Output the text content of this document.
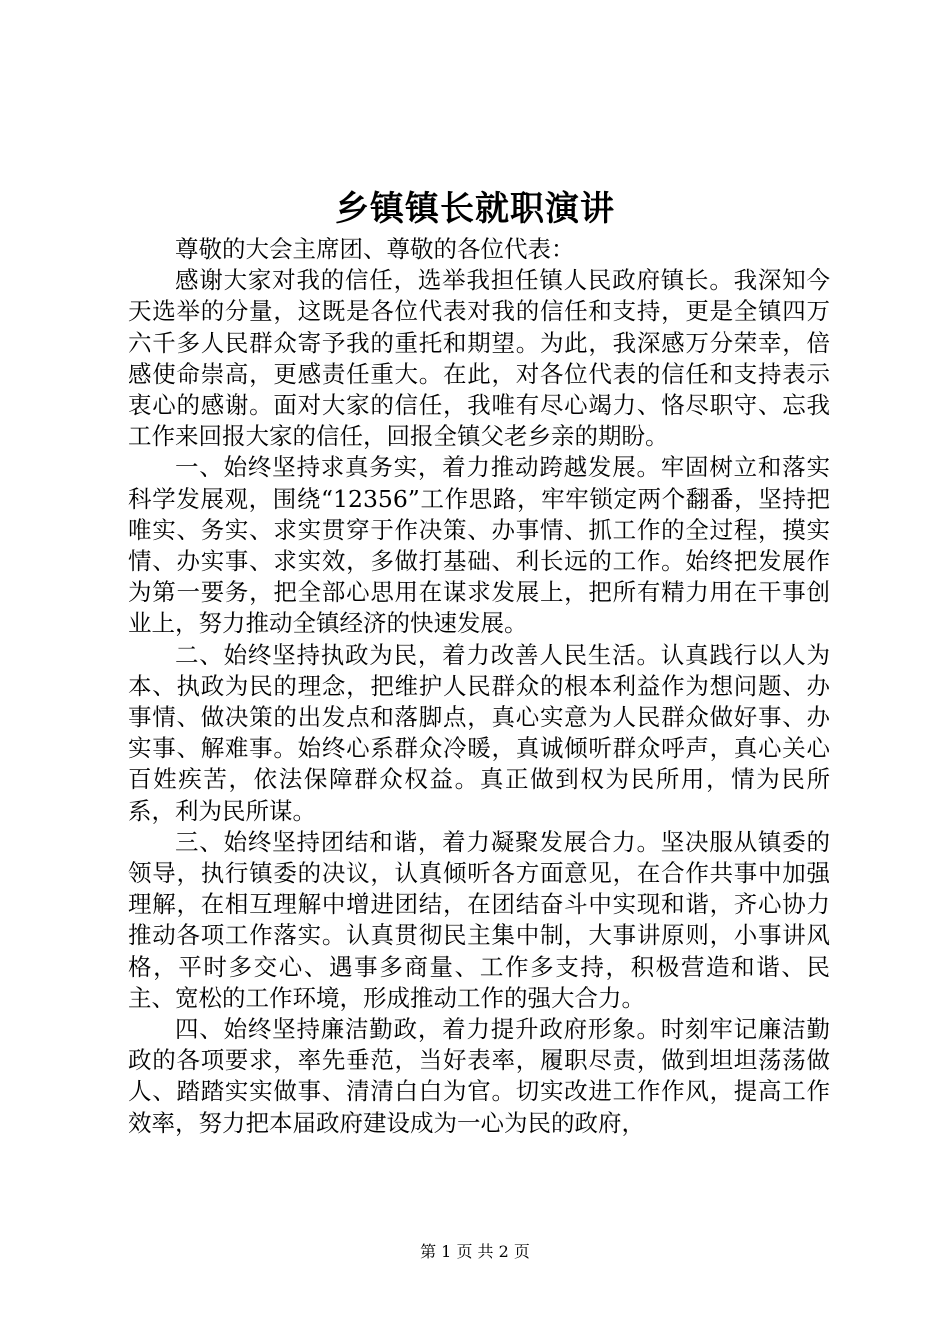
乡镇镇长就职演讲

尊敬的大会主席团、尊敬的各位代表：

感谢大家对我的信任，选举我担任镇人民政府镇长。我深知今天选举的分量，这既是各位代表对我的信任和支持，更是全镇四万六千多人民群众寄予我的重托和期望。为此，我深感万分荣幸，倍感使命崇高，更感责任重大。在此，对各位代表的信任和支持表示衷心的感谢。面对大家的信任，我唯有尽心竭力、恪尽职守、忘我工作来回报大家的信任，回报全镇父老乡亲的期盼。

一、始终坚持求真务实，着力推动跨越发展。牢固树立和落实科学发展观，围绕“12356”工作思路，牢牢锁定两个翻番，坚持把唯实、务实、求实贯穿于作决策、办事情、抓工作的全过程，摸实情、办实事、求实效，多做打基础、利长远的工作。始终把发展作为第一要务，把全部心思用在谋求发展上，把所有精力用在干事创业上，努力推动全镇经济的快速发展。

二、始终坚持执政为民，着力改善人民生活。认真践行以人为本、执政为民的理念，把维护人民群众的根本利益作为想问题、办事情、做决策的出发点和落脚点，真心实意为人民群众做好事、办实事、解难事。始终心系群众冷暖，真诚倾听群众呼声，真心关心百姓疾苦，依法保障群众权益。真正做到权为民所用，情为民所系，利为民所谋。

三、始终坚持团结和谐，着力凝聚发展合力。坚决服从镇委的领导，执行镇委的决议，认真倾听各方面意见，在合作共事中加强理解，在相互理解中增进团结，在团结奋斗中实现和谐，齐心协力推动各项工作落实。认真贯彻民主集中制，大事讲原则，小事讲风格，平时多交心、遇事多商量、工作多支持，积极营造和谐、民主、宽松的工作环境，形成推动工作的强大合力。

四、始终坚持廉洁勤政，着力提升政府形象。时刻牢记廉洁勤政的各项要求，率先垂范，当好表率，履职尽责，做到坦坦荡荡做人、踏踏实实做事、清清白白为官。切实改进工作作风，提高工作效率，努力把本届政府建设成为一心为民的政府，

第 1 页 共 2 页
